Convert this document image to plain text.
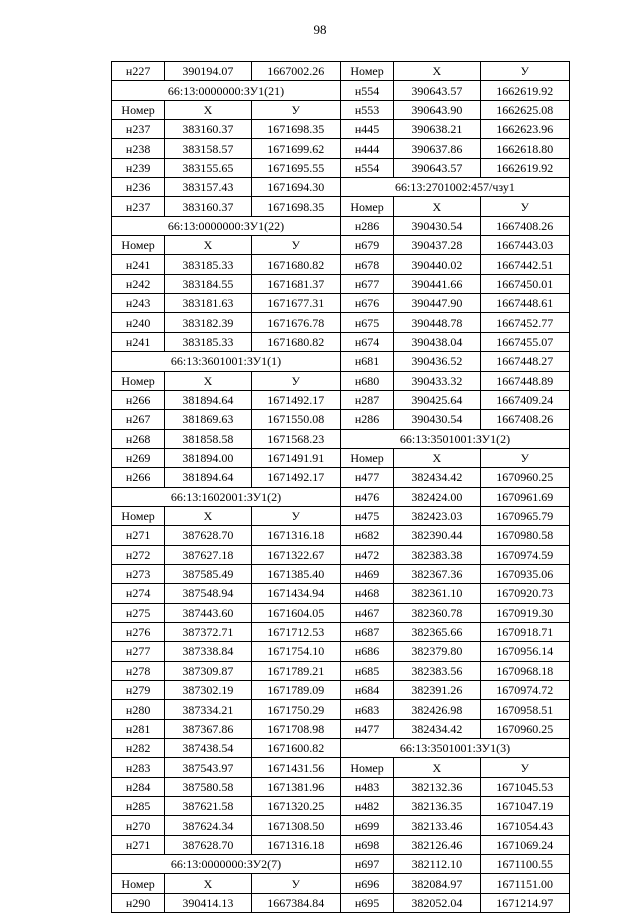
98
н227	390194.07	1667002.26	Номер	X	У
66:13:0000000:ЗУ1(21)			н554	390643.57	1662619.92
Номер	X	У	н553	390643.90	1662625.08
н237	383160.37	1671698.35	н445	390638.21	1662623.96
н238	383158.57	1671699.62	н444	390637.86	1662618.80
н239	383155.65	1671695.55	н554	390643.57	1662619.92
н236	383157.43	1671694.30	66:13:2701002:457/чзу1		
н237	383160.37	1671698.35	Номер	X	У
66:13:0000000:ЗУ1(22)			н286	390430.54	1667408.26
Номер	X	У	н679	390437.28	1667443.03
н241	383185.33	1671680.82	н678	390440.02	1667442.51
н242	383184.55	1671681.37	н677	390441.66	1667450.01
н243	383181.63	1671677.31	н676	390447.90	1667448.61
н240	383182.39	1671676.78	н675	390448.78	1667452.77
н241	383185.33	1671680.82	н674	390438.04	1667455.07
66:13:3601001:ЗУ1(1)			н681	390436.52	1667448.27
Номер	X	У	н680	390433.32	1667448.89
н266	381894.64	1671492.17	н287	390425.64	1667409.24
н267	381869.63	1671550.08	н286	390430.54	1667408.26
н268	381858.58	1671568.23	66:13:3501001:ЗУ1(2)		
н269	381894.00	1671491.91	Номер	X	У
н266	381894.64	1671492.17	н477	382434.42	1670960.25
66:13:1602001:ЗУ1(2)			н476	382424.00	1670961.69
Номер	X	У	н475	382423.03	1670965.79
н271	387628.70	1671316.18	н682	382390.44	1670980.58
н272	387627.18	1671322.67	н472	382383.38	1670974.59
н273	387585.49	1671385.40	н469	382367.36	1670935.06
н274	387548.94	1671434.94	н468	382361.10	1670920.73
н275	387443.60	1671604.05	н467	382360.78	1670919.30
н276	387372.71	1671712.53	н687	382365.66	1670918.71
н277	387338.84	1671754.10	н686	382379.80	1670956.14
н278	387309.87	1671789.21	н685	382383.56	1670968.18
н279	387302.19	1671789.09	н684	382391.26	1670974.72
н280	387334.21	1671750.29	н683	382426.98	1670958.51
н281	387367.86	1671708.98	н477	382434.42	1670960.25
н282	387438.54	1671600.82	66:13:3501001:ЗУ1(3)		
н283	387543.97	1671431.56	Номер	X	У
н284	387580.58	1671381.96	н483	382132.36	1671045.53
н285	387621.58	1671320.25	н482	382136.35	1671047.19
н270	387624.34	1671308.50	н699	382133.46	1671054.43
н271	387628.70	1671316.18	н698	382126.46	1671069.24
66:13:0000000:ЗУ2(7)			н697	382112.10	1671100.55
Номер	X	У	н696	382084.97	1671151.00
н290	390414.13	1667384.84	н695	382052.04	1671214.97
